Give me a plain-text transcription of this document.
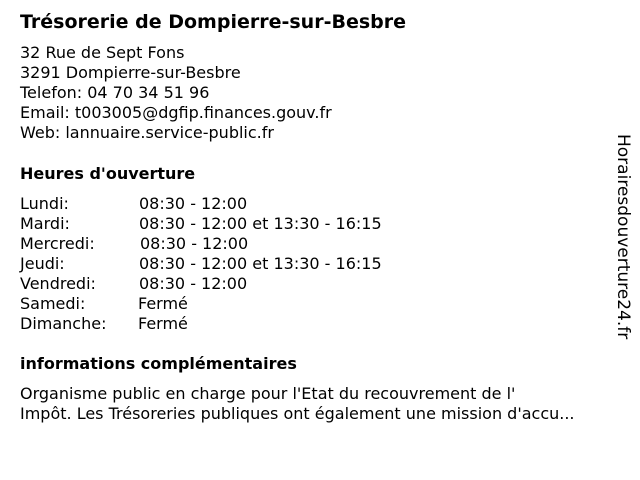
Trésorerie de Dompierre-sur-Besbre
32 Rue de Sept Fons
3291 Dompierre-sur-Besbre
Telefon: 04 70 34 51 96
Email: t003005@dgfip.finances.gouv.fr
Web: lannuaire.service-public.fr
Heures d'ouverture
Lundi:	08:30 - 12:00
Mardi:	08:30 - 12:00 et 13:30 - 16:15
Mercredi:	08:30 - 12:00
Jeudi:	08:30 - 12:00 et 13:30 - 16:15
Vendredi:	08:30 - 12:00
Samedi:	Fermé
Dimanche: Fermé
informations complémentaires
Organisme public en charge pour l'Etat du recouvrement de l'
Impôt. Les Trésoreries publiques ont également une mission d'accu...
Horairesdouverture24.fr
